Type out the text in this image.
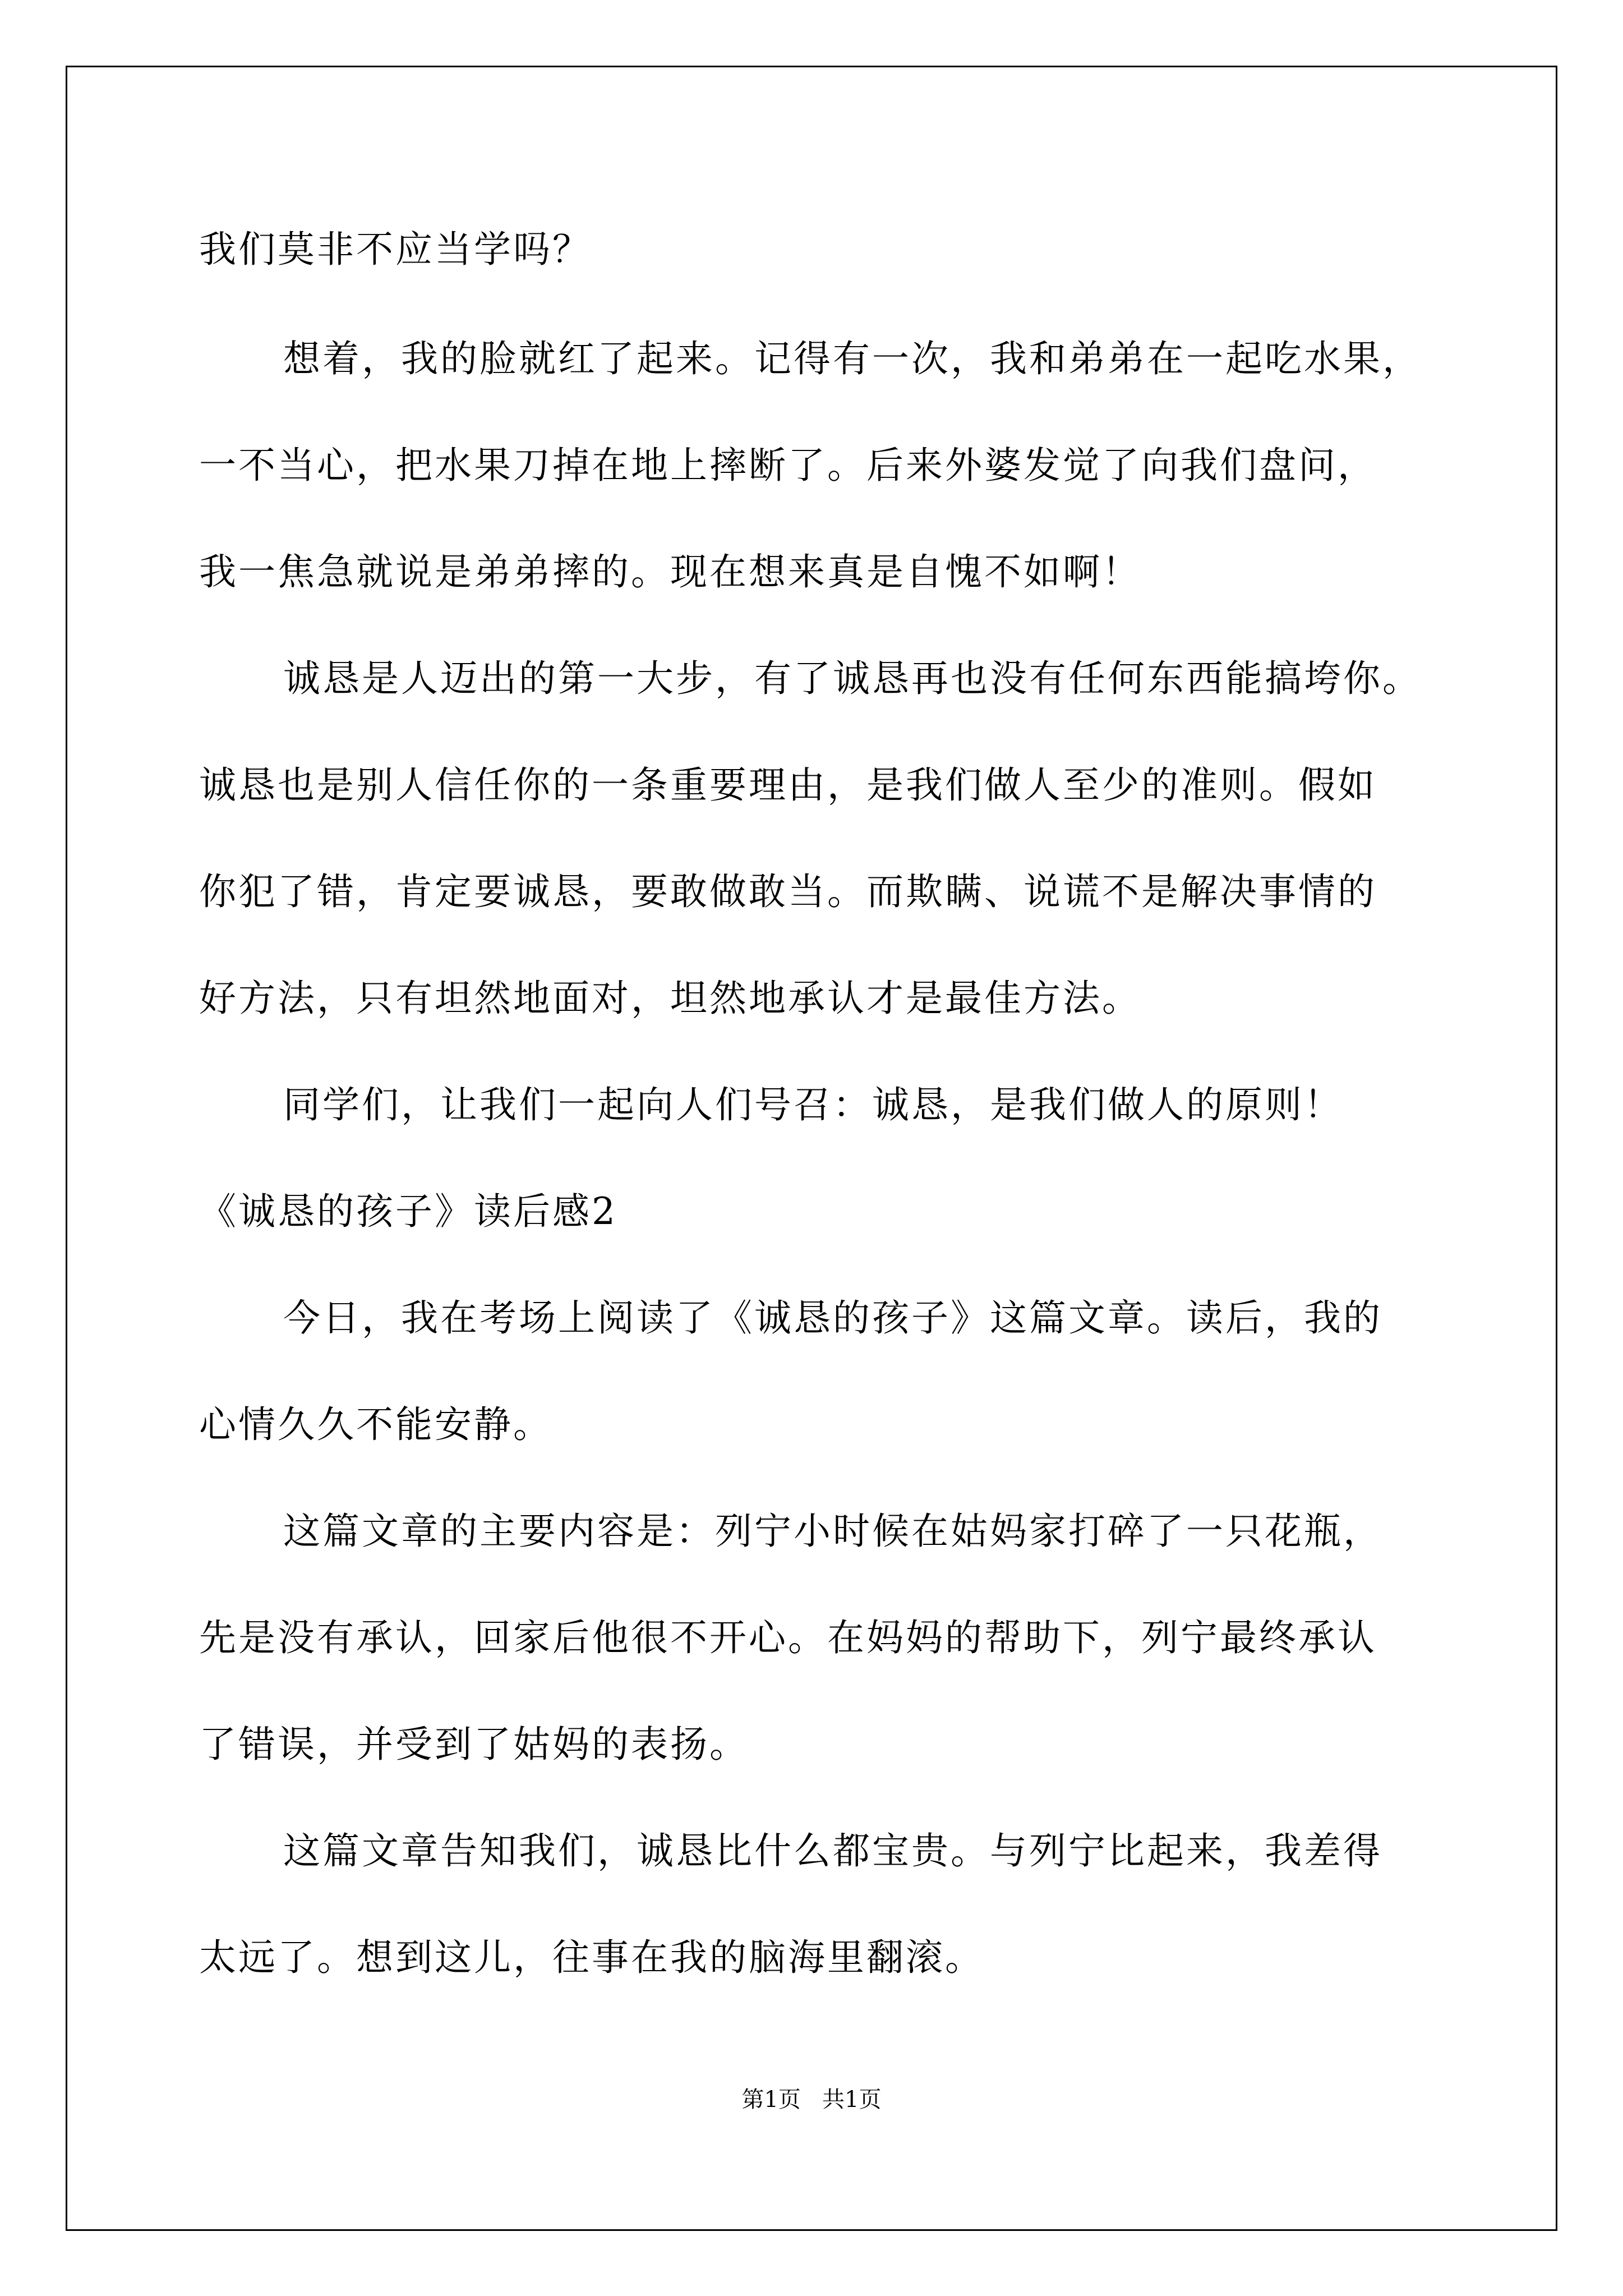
我们莫非不应当学吗？
想着，我的脸就红了起来。记得有一次，我和弟弟在一起吃水果，
一不当心，把水果刀掉在地上摔断了。后来外婆发觉了向我们盘问，
我一焦急就说是弟弟摔的。现在想来真是自愧不如啊！
诚恳是人迈出的第一大步，有了诚恳再也没有任何东西能搞垮你。
诚恳也是别人信任你的一条重要理由，是我们做人至少的准则。假如
你犯了错，肯定要诚恳，要敢做敢当。而欺瞒、说谎不是解决事情的
好方法，只有坦然地面对，坦然地承认才是最佳方法。
同学们，让我们一起向人们号召：诚恳，是我们做人的原则！
《诚恳的孩子》读后感2
今日，我在考场上阅读了《诚恳的孩子》这篇文章。读后，我的
心情久久不能安静。
这篇文章的主要内容是：列宁小时候在姑妈家打碎了一只花瓶，
先是没有承认，回家后他很不开心。在妈妈的帮助下，列宁最终承认
了错误，并受到了姑妈的表扬。
这篇文章告知我们，诚恳比什么都宝贵。与列宁比起来，我差得
太远了。想到这儿，往事在我的脑海里翻滚。
第1页   共1页
